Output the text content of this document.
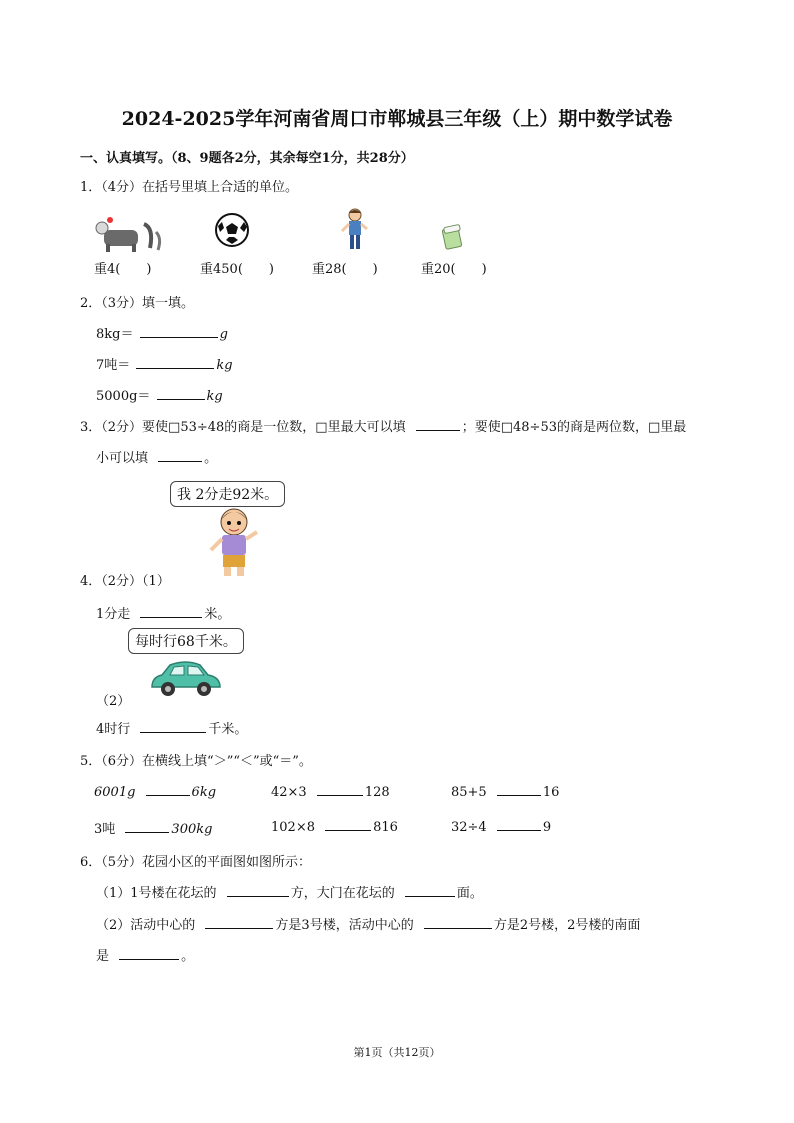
2024-2025学年河南省周口市郸城县三年级（上）期中数学试卷
一、认真填写。（8、9题各2分，其余每空1分，共28分）
1．（4分）在括号里填上合适的单位。
重4(　　)	重450(　　)	重28(　　)	重20(　　)
2．（3分）填一填。
8kg＝	g
7吨＝	kg
5000g＝	kg
3．（2分）要使□53÷48的商是一位数，□里最大可以填	；要使□48÷53的商是两位数，□里最
小可以填	。
我 2分走92米。
4．（2分）（1）
1分走	米。
每时行68千米。
（2）
4时行	千米。
5．（6分）在横线上填“＞”“＜”或“＝”。
6001g	6kg	42×3	128	85+5	16
3吨	300kg	102×8	816	32÷4	9
6．（5分）花园小区的平面图如图所示：
（1）1号楼在花坛的	方，大门在花坛的	面。
（2）活动中心的	方是3号楼，活动中心的	方是2号楼，2号楼的南面
是	。
第1页（共12页）
